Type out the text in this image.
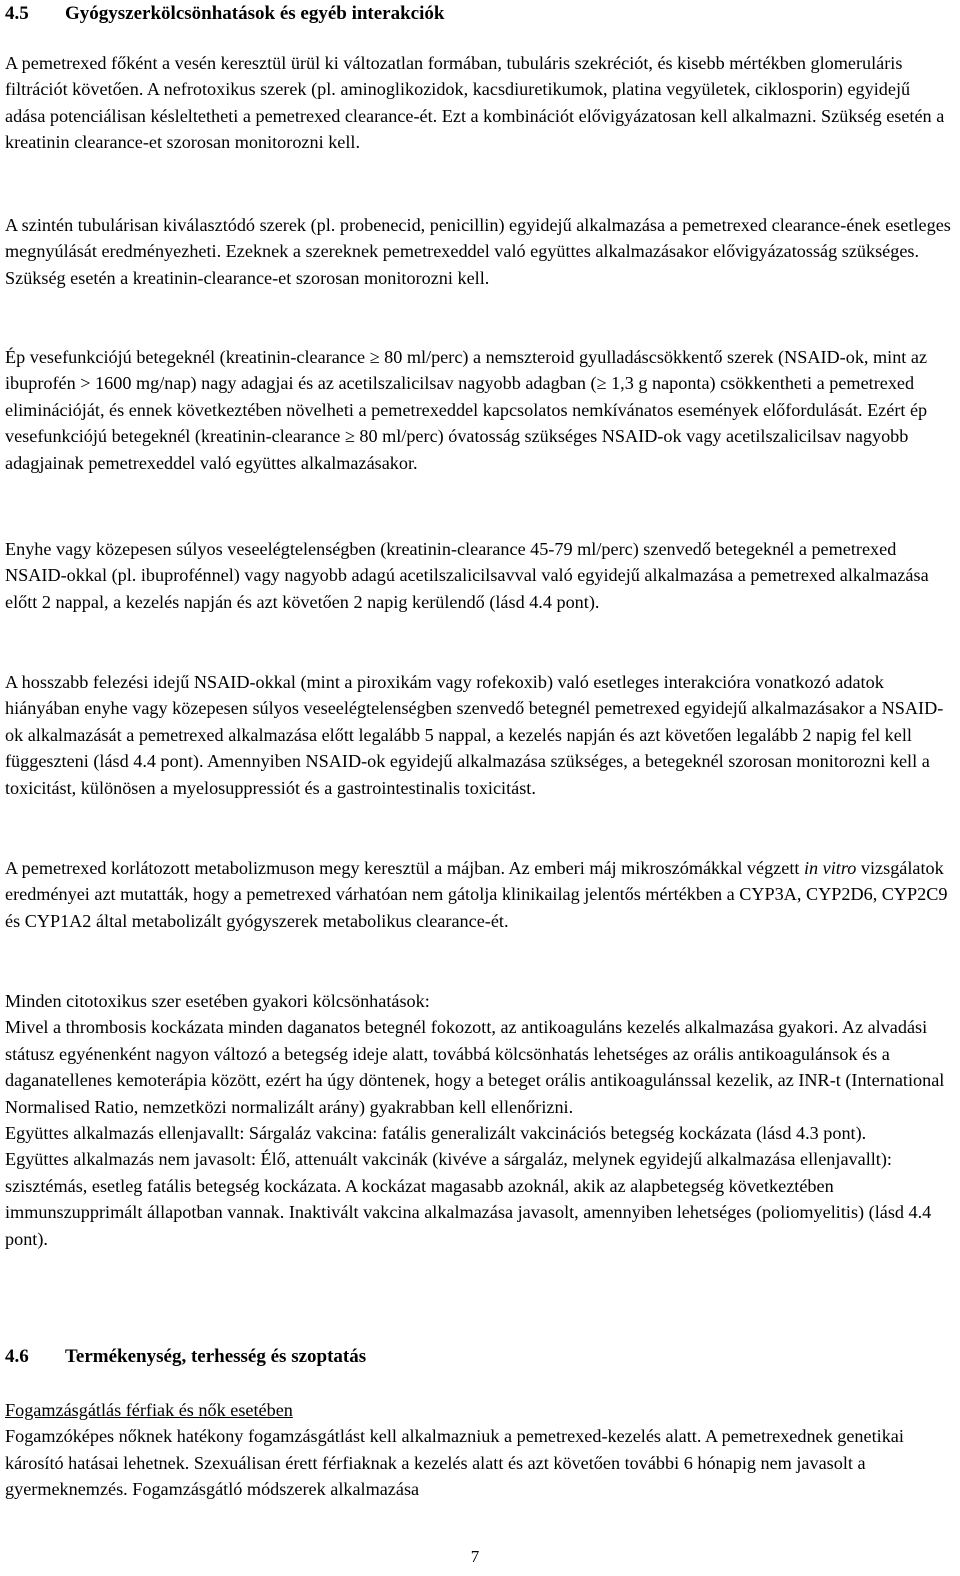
4.5 Gyógyszerkölcsönhatások és egyéb interakciók

A pemetrexed főként a vesén keresztül ürül ki változatlan formában, tubuláris szekréciót, és kisebb mértékben glomeruláris filtrációt követően. A nefrotoxikus szerek (pl. aminoglikozidok, kacsdiuretikumok, platina vegyületek, ciklosporin) egyidejű adása potenciálisan késleltetheti a pemetrexed clearance-ét. Ezt a kombinációt elővigyázatosan kell alkalmazni. Szükség esetén a kreatinin clearance-et szorosan monitorozni kell.

A szintén tubulárisan kiválasztódó szerek (pl. probenecid, penicillin) egyidejű alkalmazása a pemetrexed clearance-ének esetleges megnyúlását eredményezheti. Ezeknek a szereknek pemetrexeddel való együttes alkalmazásakor elővigyázatosság szükséges. Szükség esetén a kreatinin-clearance-et szorosan monitorozni kell.

Ép vesefunkciójú betegeknél (kreatinin-clearance ≥ 80 ml/perc) a nemszteroid gyulladáscsökkentő szerek (NSAID-ok, mint az ibuprofén > 1600 mg/nap) nagy adagjai és az acetilszalicilsav nagyobb adagban (≥ 1,3 g naponta) csökkentheti a pemetrexed eliminációját, és ennek következtében növelheti a pemetrexeddel kapcsolatos nemkívánatos események előfordulását. Ezért ép vesefunkciójú betegeknél (kreatinin-clearance ≥ 80 ml/perc) óvatosság szükséges NSAID-ok vagy acetilszalicilsav nagyobb adagjainak pemetrexeddel való együttes alkalmazásakor.

Enyhe vagy közepesen súlyos veseelégtelenségben (kreatinin-clearance 45-79 ml/perc) szenvedő betegeknél a pemetrexed NSAID-okkal (pl. ibuprofénnel) vagy nagyobb adagú acetilszalicilsavval való egyidejű alkalmazása a pemetrexed alkalmazása előtt 2 nappal, a kezelés napján és azt követően 2 napig kerülendő (lásd 4.4 pont).

A hosszabb felezési idejű NSAID-okkal (mint a piroxikám vagy rofekoxib) való esetleges interakcióra vonatkozó adatok hiányában enyhe vagy közepesen súlyos veseelégtelenségben szenvedő betegnél pemetrexed egyidejű alkalmazásakor a NSAID-ok alkalmazását a pemetrexed alkalmazása előtt legalább 5 nappal, a kezelés napján és azt követően legalább 2 napig fel kell függeszteni (lásd 4.4 pont). Amennyiben NSAID-ok egyidejű alkalmazása szükséges, a betegeknél szorosan monitorozni kell a toxicitást, különösen a myelosuppressiót és a gastrointestinalis toxicitást.

A pemetrexed korlátozott metabolizmuson megy keresztül a májban. Az emberi máj mikroszómákkal végzett in vitro vizsgálatok eredményei azt mutatták, hogy a pemetrexed várhatóan nem gátolja klinikailag jelentős mértékben a CYP3A, CYP2D6, CYP2C9 és CYP1A2 által metabolizált gyógyszerek metabolikus clearance-ét.

Minden citotoxikus szer esetében gyakori kölcsönhatások:

Mivel a thrombosis kockázata minden daganatos betegnél fokozott, az antikoaguláns kezelés alkalmazása gyakori. Az alvadási státusz egyénenként nagyon változó a betegség ideje alatt, továbbá kölcsönhatás lehetséges az orális antikoagulánsok és a daganatellenes kemoterápia között, ezért ha úgy döntenek, hogy a beteget orális antikoagulánssal kezelik, az INR-t (International Normalised Ratio, nemzetközi normalizált arány) gyakrabban kell ellenőrizni.

Együttes alkalmazás ellenjavallt: Sárgaláz vakcina: fatális generalizált vakcinációs betegség kockázata (lásd 4.3 pont).

Együttes alkalmazás nem javasolt: Élő, attenuált vakcinák (kivéve a sárgaláz, melynek egyidejű alkalmazása ellenjavallt): szisztémás, esetleg fatális betegség kockázata. A kockázat magasabb azoknál, akik az alapbetegség következtében immunszupprimált állapotban vannak. Inaktivált vakcina alkalmazása javasolt, amennyiben lehetséges (poliomyelitis) (lásd 4.4 pont).

4.6 Termékenység, terhesség és szoptatás

Fogamzásgátlás férfiak és nők esetében

Fogamzóképes nőknek hatékony fogamzásgátlást kell alkalmazniuk a pemetrexed-kezelés alatt. A pemetrexednek genetikai károsító hatásai lehetnek. Szexuálisan érett férfiaknak a kezelés alatt és azt követően további 6 hónapig nem javasolt a gyermeknemzés. Fogamzásgátló módszerek alkalmazása

7
